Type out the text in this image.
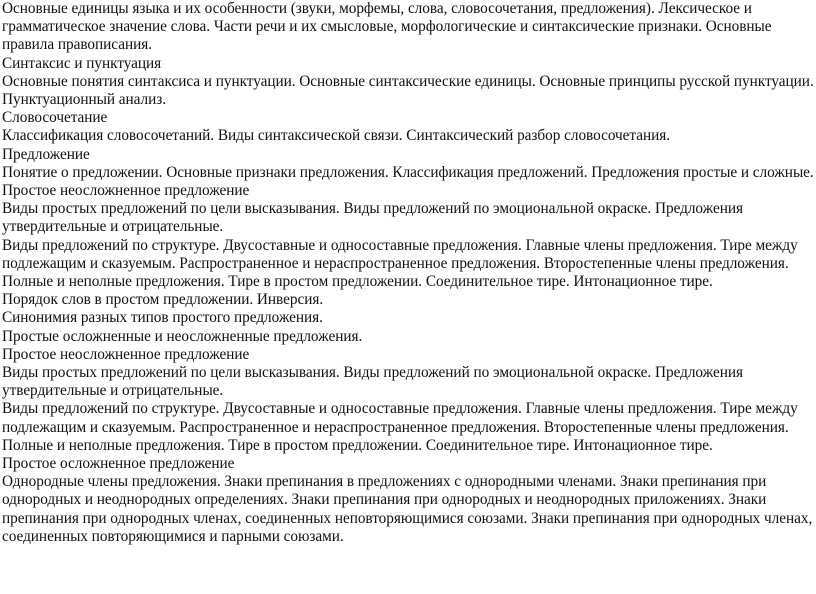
Основные единицы языка и их особенности (звуки, морфемы, слова, словосочетания, предложения). Лексическое и грамматическое значение слова. Части речи и их смысловые, морфологические и синтаксические признаки. Основные правила правописания.

Синтаксис и пунктуация

Основные понятия синтаксиса и пунктуации. Основные синтаксические единицы. Основные принципы русской пунктуации. Пунктуационный анализ.

Словосочетание

Классификация словосочетаний. Виды синтаксической связи. Синтаксический разбор словосочетания.

Предложение

Понятие о предложении. Основные признаки предложения. Классификация предложений. Предложения простые и сложные.

Простое неосложненное предложение

Виды простых предложений по цели высказывания. Виды предложений по эмоциональной окраске. Предложения утвердительные и отрицательные.

Виды предложений по структуре. Двусоставные и односоставные предложения. Главные члены предложения. Тире между подлежащим и сказуемым. Распространенное и нераспространенное предложения. Второстепенные члены предложения. Полные и неполные предложения. Тире в простом предложении. Соединительное тире. Интонационное тире.

Порядок слов в простом предложении. Инверсия.

Синонимия разных типов простого предложения.

Простые осложненные и неосложненные предложения.

Простое неосложненное предложение

Виды простых предложений по цели высказывания. Виды предложений по эмоциональной окраске. Предложения утвердительные и отрицательные.

Виды предложений по структуре. Двусоставные и односоставные предложения. Главные члены предложения. Тире между подлежащим и сказуемым. Распространенное и нераспространенное предложения. Второстепенные члены предложения. Полные и неполные предложения. Тире в простом предложении. Соединительное тире. Интонационное тире.

Простое осложненное предложение

Однородные члены предложения. Знаки препинания в предложениях с однородными членами. Знаки препинания при однородных и неоднородных определениях. Знаки препинания при однородных и неоднородных приложениях. Знаки препинания при однородных членах, соединенных неповторяющимися союзами. Знаки препинания при однородных членах, соединенных повторяющимися и парными союзами.
